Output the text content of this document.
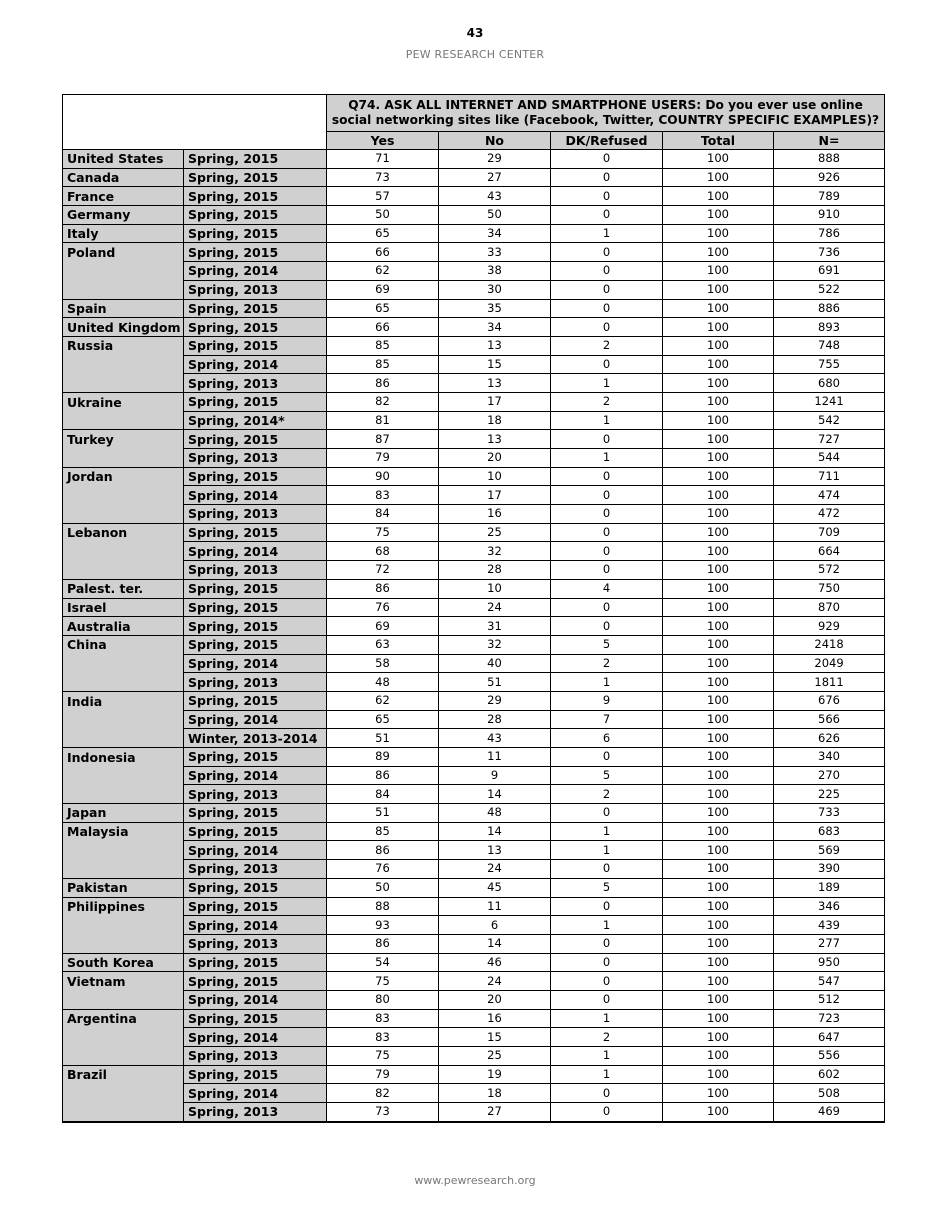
43
PEW RESEARCH CENTER
		Q74. ASK ALL INTERNET AND SMARTPHONE USERS: Do you ever use online social networking sites like (Facebook, Twitter, COUNTRY SPECIFIC EXAMPLES)?				
		Yes	No	DK/Refused	Total	N=
United States	Spring, 2015	71	29	0	100	888
Canada	Spring, 2015	73	27	0	100	926
France	Spring, 2015	57	43	0	100	789
Germany	Spring, 2015	50	50	0	100	910
Italy	Spring, 2015	65	34	1	100	786
Poland	Spring, 2015	66	33	0	100	736
	Spring, 2014	62	38	0	100	691
	Spring, 2013	69	30	0	100	522
Spain	Spring, 2015	65	35	0	100	886
United Kingdom	Spring, 2015	66	34	0	100	893
Russia	Spring, 2015	85	13	2	100	748
	Spring, 2014	85	15	0	100	755
	Spring, 2013	86	13	1	100	680
Ukraine	Spring, 2015	82	17	2	100	1241
	Spring, 2014*	81	18	1	100	542
Turkey	Spring, 2015	87	13	0	100	727
	Spring, 2013	79	20	1	100	544
Jordan	Spring, 2015	90	10	0	100	711
	Spring, 2014	83	17	0	100	474
	Spring, 2013	84	16	0	100	472
Lebanon	Spring, 2015	75	25	0	100	709
	Spring, 2014	68	32	0	100	664
	Spring, 2013	72	28	0	100	572
Palest. ter.	Spring, 2015	86	10	4	100	750
Israel	Spring, 2015	76	24	0	100	870
Australia	Spring, 2015	69	31	0	100	929
China	Spring, 2015	63	32	5	100	2418
	Spring, 2014	58	40	2	100	2049
	Spring, 2013	48	51	1	100	1811
India	Spring, 2015	62	29	9	100	676
	Spring, 2014	65	28	7	100	566
	Winter, 2013-2014	51	43	6	100	626
Indonesia	Spring, 2015	89	11	0	100	340
	Spring, 2014	86	9	5	100	270
	Spring, 2013	84	14	2	100	225
Japan	Spring, 2015	51	48	0	100	733
Malaysia	Spring, 2015	85	14	1	100	683
	Spring, 2014	86	13	1	100	569
	Spring, 2013	76	24	0	100	390
Pakistan	Spring, 2015	50	45	5	100	189
Philippines	Spring, 2015	88	11	0	100	346
	Spring, 2014	93	6	1	100	439
	Spring, 2013	86	14	0	100	277
South Korea	Spring, 2015	54	46	0	100	950
Vietnam	Spring, 2015	75	24	0	100	547
	Spring, 2014	80	20	0	100	512
Argentina	Spring, 2015	83	16	1	100	723
	Spring, 2014	83	15	2	100	647
	Spring, 2013	75	25	1	100	556
Brazil	Spring, 2015	79	19	1	100	602
	Spring, 2014	82	18	0	100	508
	Spring, 2013	73	27	0	100	469
www.pewresearch.org
